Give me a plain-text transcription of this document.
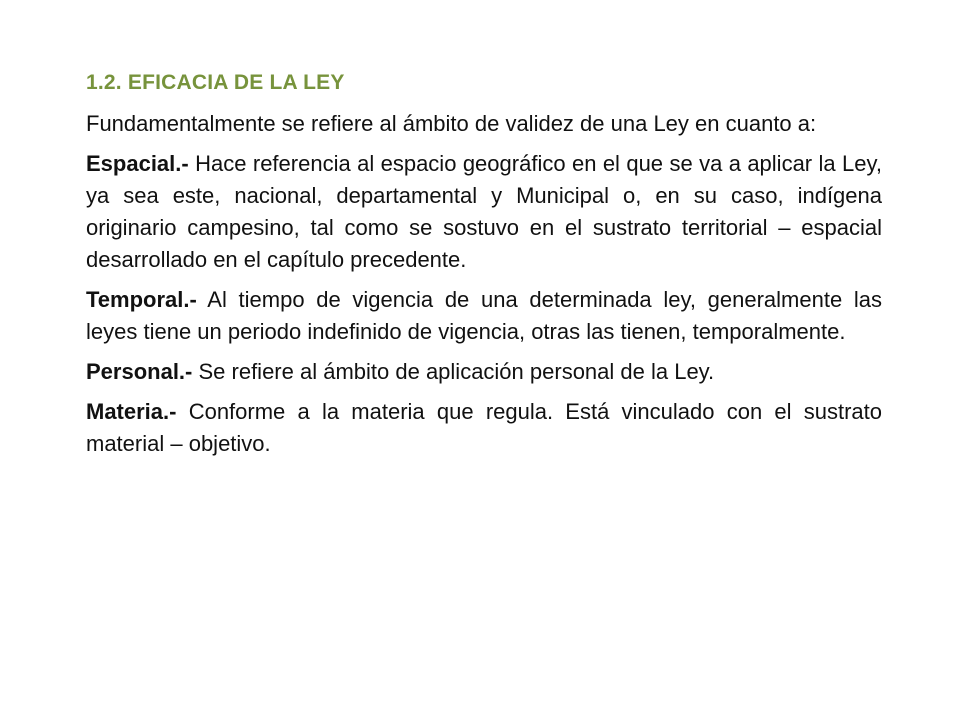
1.2. EFICACIA DE LA LEY

Fundamentalmente se refiere al ámbito de validez de una Ley en cuanto a:

Espacial.- Hace referencia al espacio geográfico en el que se va a aplicar la Ley, ya sea este, nacional, departamental y Municipal o, en su caso, indígena originario campesino, tal como se sostuvo en el sustrato territorial – espacial desarrollado en el capítulo precedente.

Temporal.- Al tiempo de vigencia de una determinada ley, generalmente las leyes tiene un periodo indefinido de vigencia, otras las tienen, temporalmente.

Personal.- Se refiere al ámbito de aplicación personal de la Ley.

Materia.- Conforme a la materia que regula. Está vinculado con el sustrato material – objetivo.
